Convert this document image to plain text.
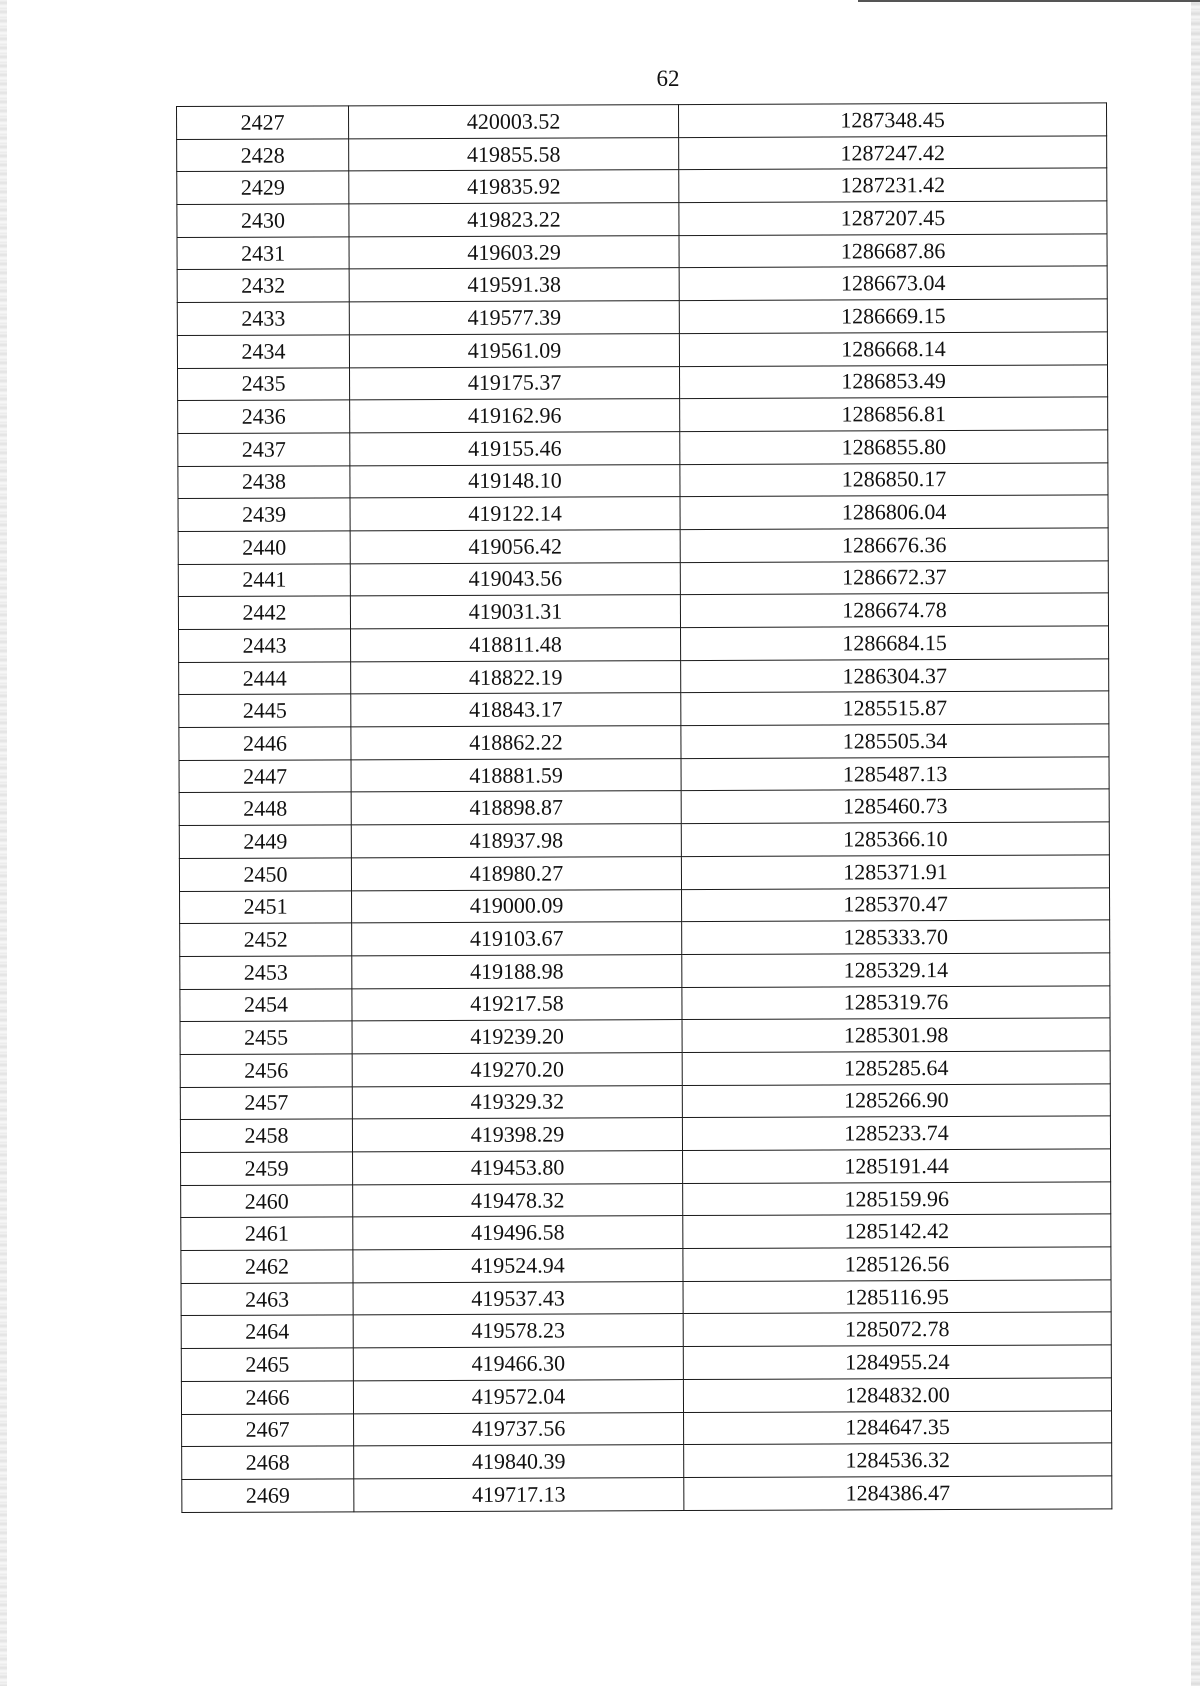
62
2427	420003.52	1287348.45
2428	419855.58	1287247.42
2429	419835.92	1287231.42
2430	419823.22	1287207.45
2431	419603.29	1286687.86
2432	419591.38	1286673.04
2433	419577.39	1286669.15
2434	419561.09	1286668.14
2435	419175.37	1286853.49
2436	419162.96	1286856.81
2437	419155.46	1286855.80
2438	419148.10	1286850.17
2439	419122.14	1286806.04
2440	419056.42	1286676.36
2441	419043.56	1286672.37
2442	419031.31	1286674.78
2443	418811.48	1286684.15
2444	418822.19	1286304.37
2445	418843.17	1285515.87
2446	418862.22	1285505.34
2447	418881.59	1285487.13
2448	418898.87	1285460.73
2449	418937.98	1285366.10
2450	418980.27	1285371.91
2451	419000.09	1285370.47
2452	419103.67	1285333.70
2453	419188.98	1285329.14
2454	419217.58	1285319.76
2455	419239.20	1285301.98
2456	419270.20	1285285.64
2457	419329.32	1285266.90
2458	419398.29	1285233.74
2459	419453.80	1285191.44
2460	419478.32	1285159.96
2461	419496.58	1285142.42
2462	419524.94	1285126.56
2463	419537.43	1285116.95
2464	419578.23	1285072.78
2465	419466.30	1284955.24
2466	419572.04	1284832.00
2467	419737.56	1284647.35
2468	419840.39	1284536.32
2469	419717.13	1284386.47
